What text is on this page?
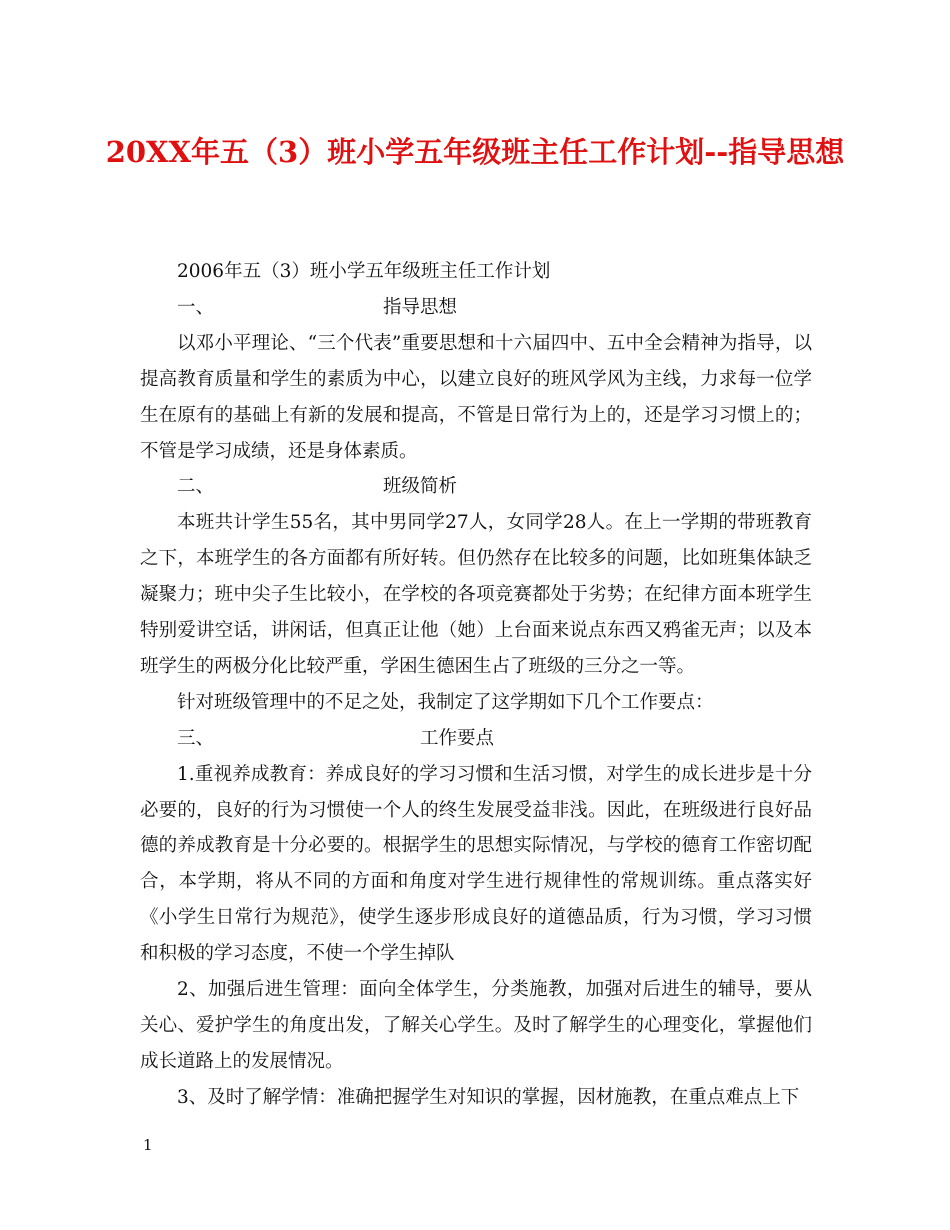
20XX年五（3）班小学五年级班主任工作计划--指导思想

2006年五（3）班小学五年级班主任工作计划

一、	指导思想

以邓小平理论、“三个代表”重要思想和十六届四中、五中全会精神为指导，以提高教育质量和学生的素质为中心，以建立良好的班风学风为主线，力求每一位学生在原有的基础上有新的发展和提高，不管是日常行为上的，还是学习习惯上的；不管是学习成绩，还是身体素质。

二、	班级简析

本班共计学生55名，其中男同学27人，女同学28人。在上一学期的带班教育之下，本班学生的各方面都有所好转。但仍然存在比较多的问题，比如班集体缺乏凝聚力；班中尖子生比较小，在学校的各项竞赛都处于劣势；在纪律方面本班学生特别爱讲空话，讲闲话，但真正让他（她）上台面来说点东西又鸦雀无声；以及本班学生的两极分化比较严重，学困生德困生占了班级的三分之一等。

针对班级管理中的不足之处，我制定了这学期如下几个工作要点：

三、	工作要点

1.重视养成教育：养成良好的学习习惯和生活习惯，对学生的成长进步是十分必要的，良好的行为习惯使一个人的终生发展受益非浅。因此，在班级进行良好品德的养成教育是十分必要的。根据学生的思想实际情况，与学校的德育工作密切配合，本学期，将从不同的方面和角度对学生进行规律性的常规训练。重点落实好《小学生日常行为规范》，使学生逐步形成良好的道德品质，行为习惯，学习习惯和积极的学习态度，不使一个学生掉队

2、加强后进生管理：面向全体学生，分类施教，加强对后进生的辅导，要从关心、爱护学生的角度出发，了解关心学生。及时了解学生的心理变化，掌握他们成长道路上的发展情况。

3、及时了解学情：准确把握学生对知识的掌握，因材施教，在重点难点上下

1
